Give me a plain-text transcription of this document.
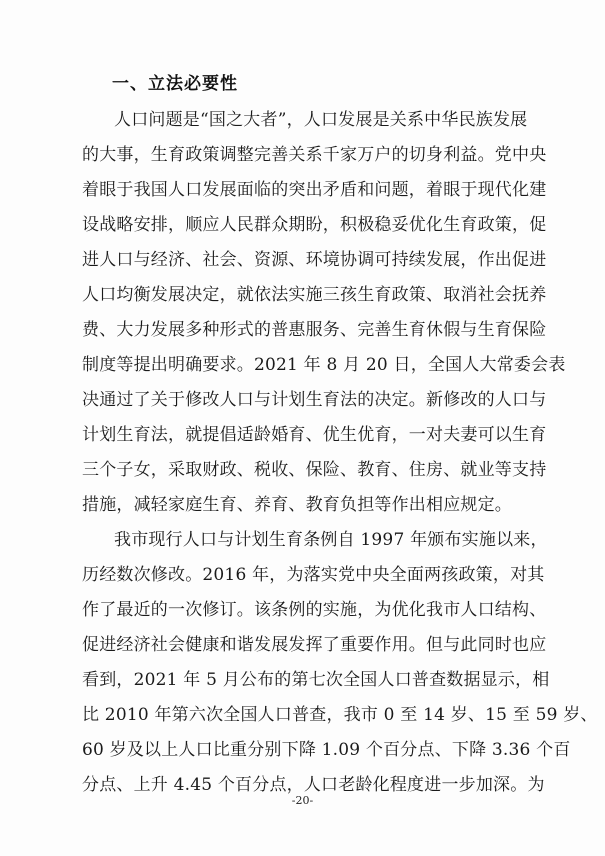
一、立法必要性
人口问题是“国之大者”，人口发展是关系中华民族发展
的大事，生育政策调整完善关系千家万户的切身利益。党中央
着眼于我国人口发展面临的突出矛盾和问题，着眼于现代化建
设战略安排，顺应人民群众期盼，积极稳妥优化生育政策，促
进人口与经济、社会、资源、环境协调可持续发展，作出促进
人口均衡发展决定，就依法实施三孩生育政策、取消社会抚养
费、大力发展多种形式的普惠服务、完善生育休假与生育保险
制度等提出明确要求。2021 年 8 月 20 日，全国人大常委会表
决通过了关于修改人口与计划生育法的决定。新修改的人口与
计划生育法，就提倡适龄婚育、优生优育，一对夫妻可以生育
三个子女，采取财政、税收、保险、教育、住房、就业等支持
措施，减轻家庭生育、养育、教育负担等作出相应规定。
我市现行人口与计划生育条例自 1997 年颁布实施以来，
历经数次修改。2016 年，为落实党中央全面两孩政策，对其
作了最近的一次修订。该条例的实施，为优化我市人口结构、
促进经济社会健康和谐发展发挥了重要作用。但与此同时也应
看到，2021 年 5 月公布的第七次全国人口普查数据显示，相
比 2010 年第六次全国人口普查，我市 0 至 14 岁、15 至 59 岁、
60 岁及以上人口比重分别下降 1.09 个百分点、下降 3.36 个百
分点、上升 4.45 个百分点，人口老龄化程度进一步加深。为
-20-
